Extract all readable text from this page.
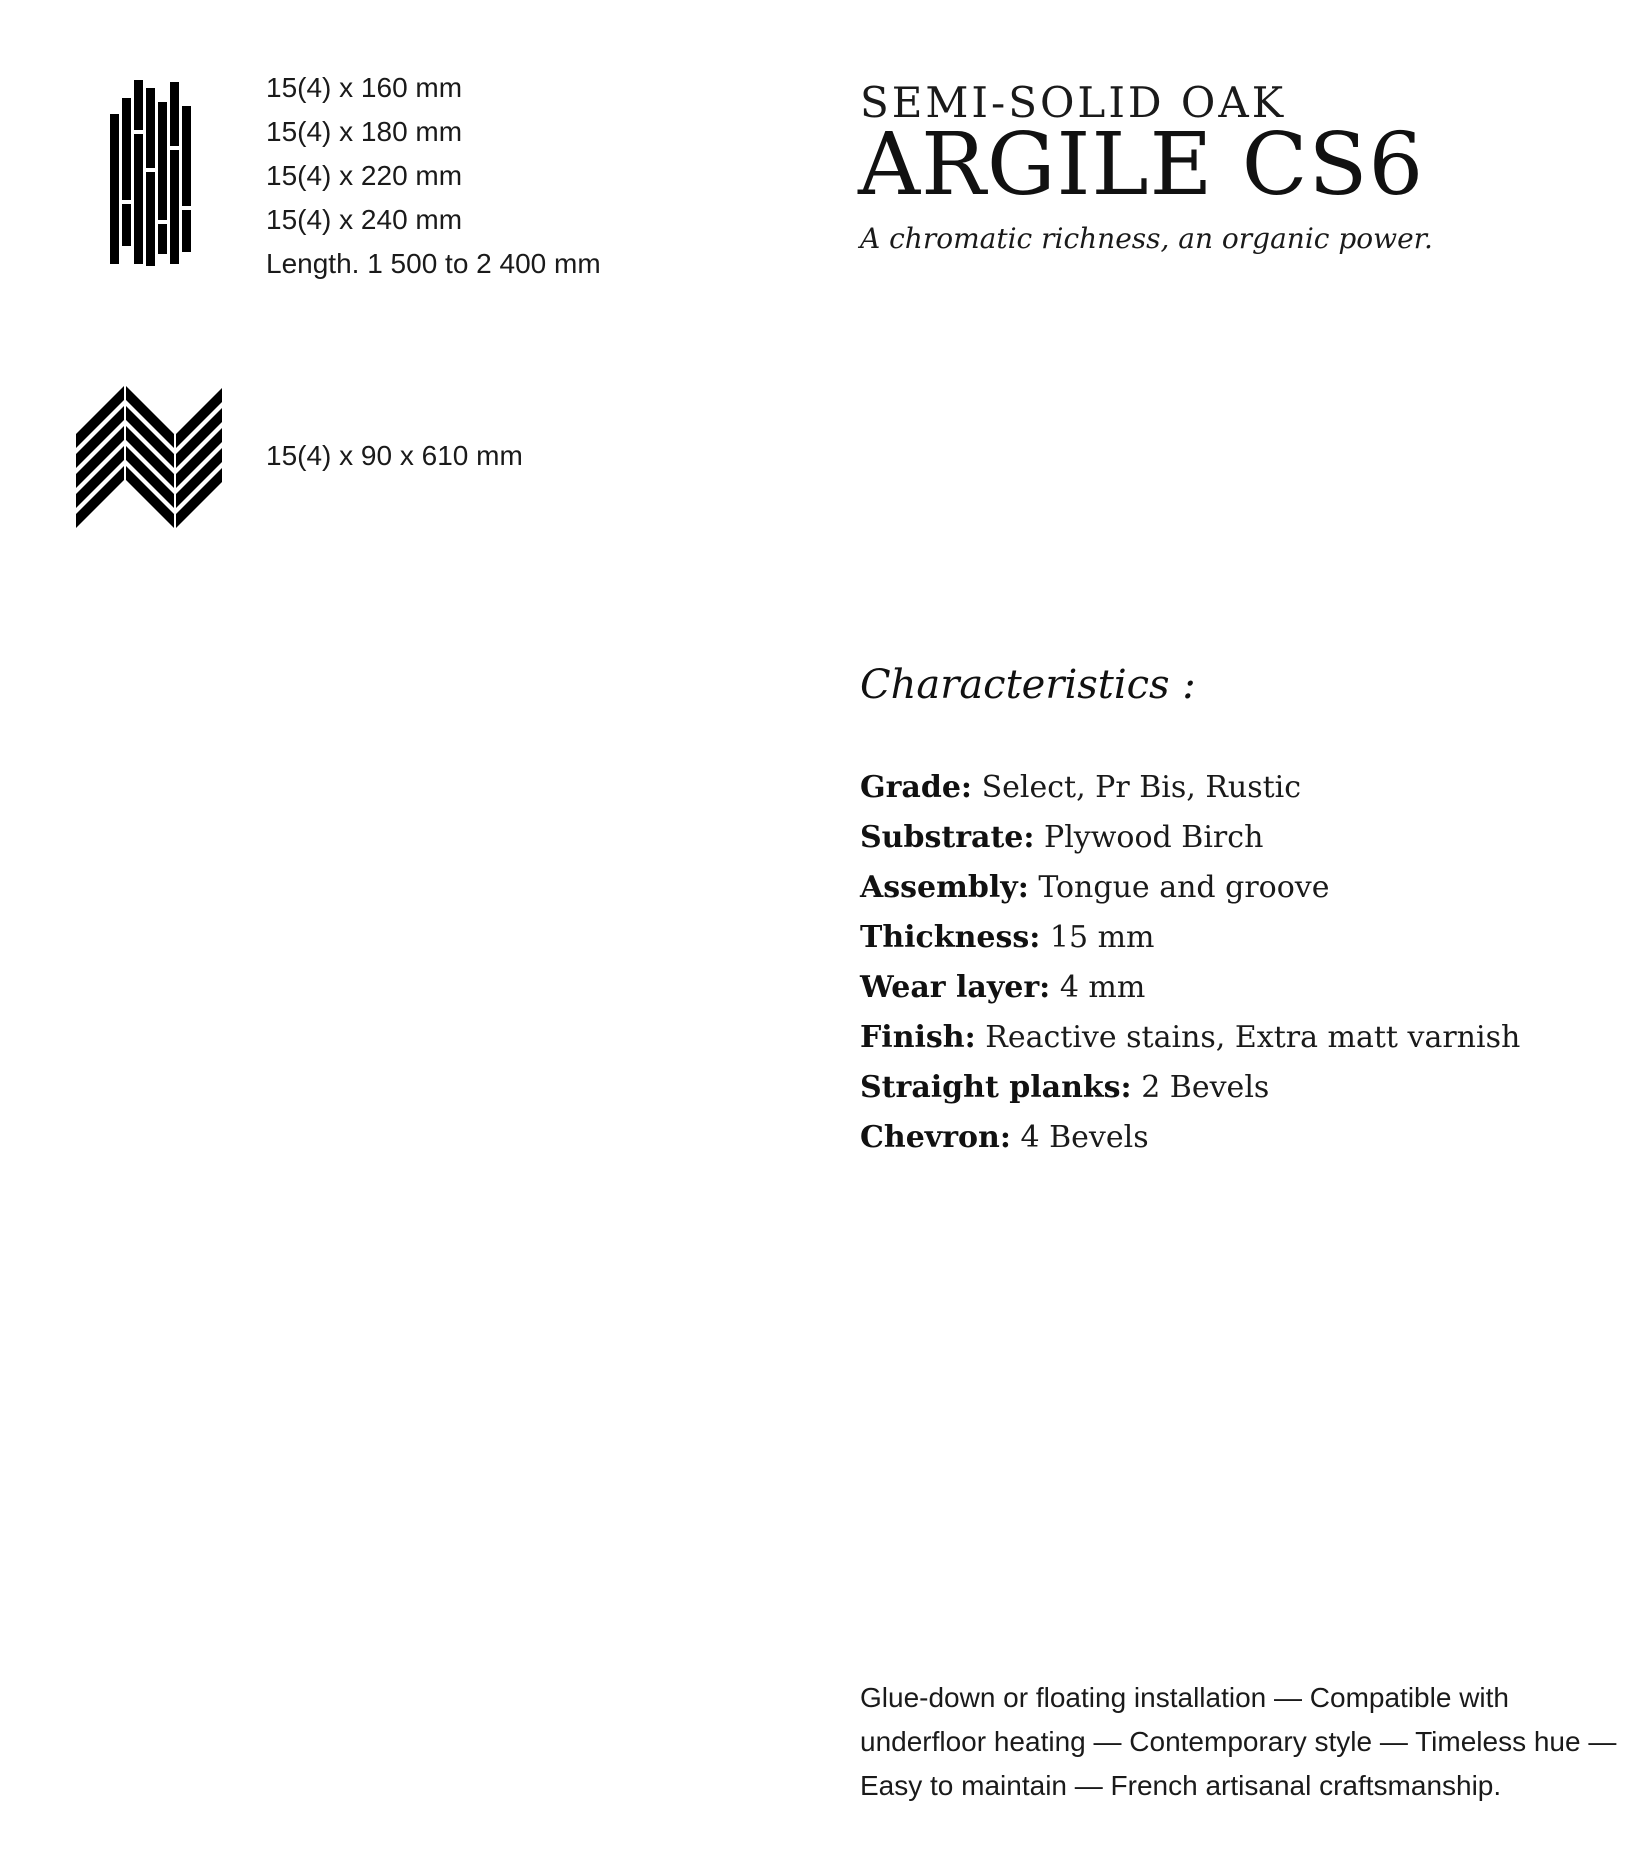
15(4) x 160 mm
15(4) x 180 mm
15(4) x 220 mm
15(4) x 240 mm
Length. 1 500 to 2 400 mm
15(4) x 90 x 610 mm
SEMI-SOLID OAK
ARGILE CS6
A chromatic richness, an organic power.
Characteristics :
Grade: Select, Pr Bis, Rustic
Substrate: Plywood Birch
Assembly: Tongue and groove
Thickness: 15 mm
Wear layer: 4 mm
Finish: Reactive stains, Extra matt varnish
Straight planks: 2 Bevels
Chevron: 4 Bevels

Glue-down or floating installation — Compatible with underfloor heating — Contemporary style — Timeless hue — Easy to maintain — French artisanal craftsmanship.
